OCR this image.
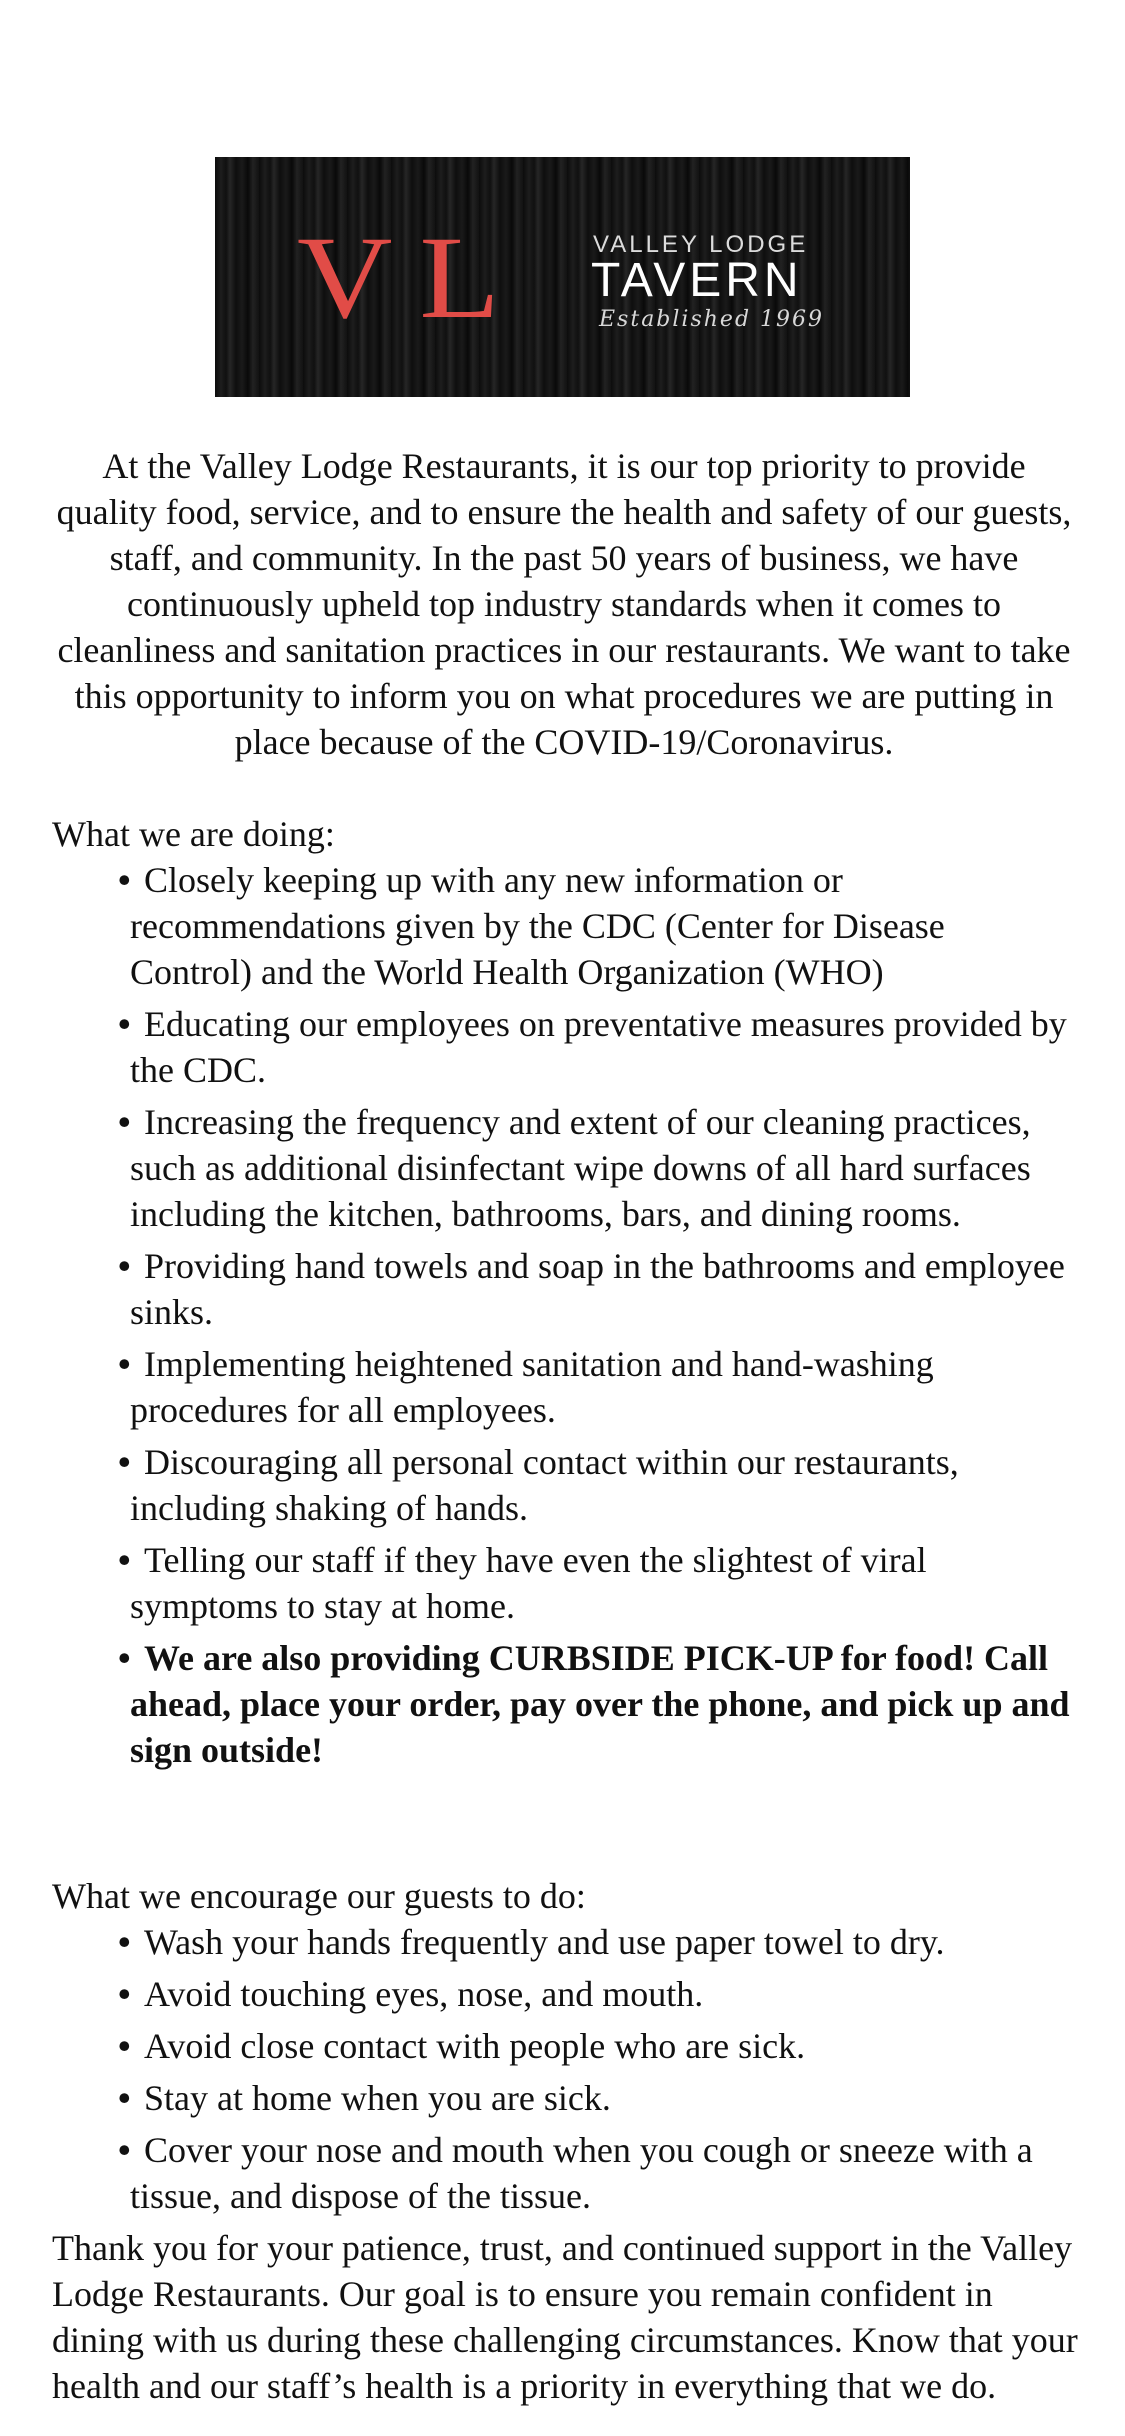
VL	VALLEY LODGE
TAVERN
Established 1969

At the Valley Lodge Restaurants, it is our top priority to provide quality food, service, and to ensure the health and safety of our guests, staff, and community. In the past 50 years of business, we have continuously upheld top industry standards when it comes to cleanliness and sanitation practices in our restaurants. We want to take this opportunity to inform you on what procedures we are putting in place because of the COVID-19/Coronavirus.

What we are doing:

• Closely keeping up with any new information or recommendations given by the CDC (Center for Disease Control) and the World Health Organization (WHO)
• Educating our employees on preventative measures provided by the CDC.
• Increasing the frequency and extent of our cleaning practices, such as additional disinfectant wipe downs of all hard surfaces including the kitchen, bathrooms, bars, and dining rooms.
• Providing hand towels and soap in the bathrooms and employee sinks.
• Implementing heightened sanitation and hand-washing procedures for all employees.
• Discouraging all personal contact within our restaurants, including shaking of hands.
• Telling our staff if they have even the slightest of viral symptoms to stay at home.
• We are also providing CURBSIDE PICK-UP for food! Call ahead, place your order, pay over the phone, and pick up and sign outside!

What we encourage our guests to do:

• Wash your hands frequently and use paper towel to dry.
• Avoid touching eyes, nose, and mouth.
• Avoid close contact with people who are sick.
• Stay at home when you are sick.
• Cover your nose and mouth when you cough or sneeze with a tissue, and dispose of the tissue.

Thank you for your patience, trust, and continued support in the Valley Lodge Restaurants. Our goal is to ensure you remain confident in dining with us during these challenging circumstances. Know that your health and our staff’s health is a priority in everything that we do.
